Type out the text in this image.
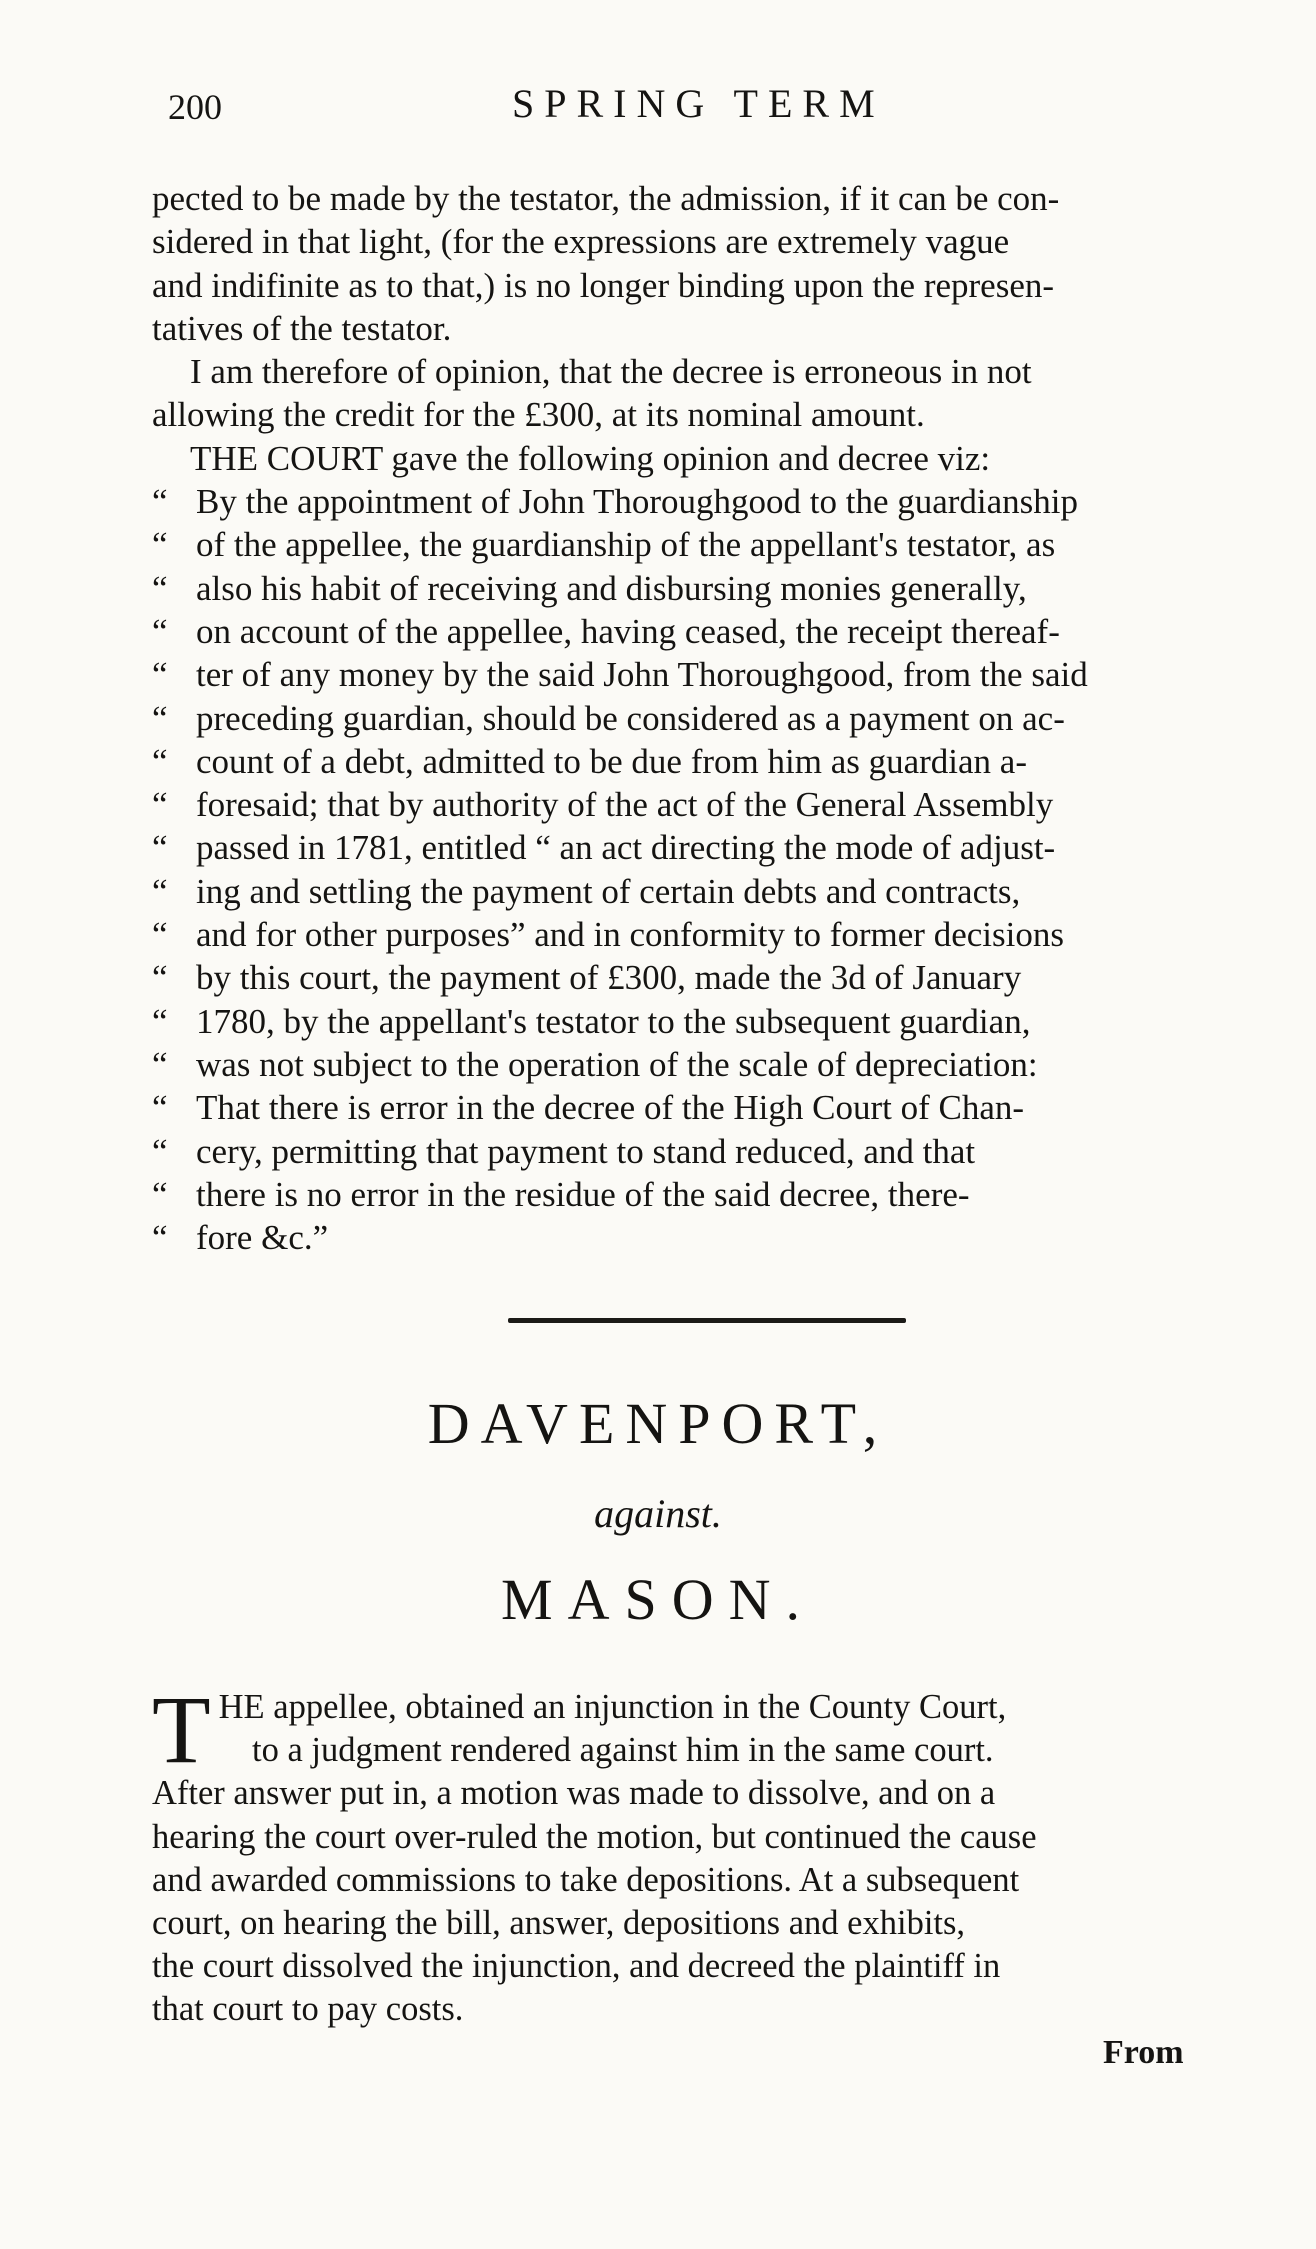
200	SPRING TERM
pected to be made by the testator, the admission, if it can be con-
sidered in that light, (for the expressions are extremely vague
and indifinite as to that,) is no longer binding upon the represen-
tatives of the testator.
I am therefore of opinion, that the decree is erroneous in not
allowing the credit for the £300, at its nominal amount.
THE COURT gave the following opinion and decree viz:
“ By the appointment of John Thoroughgood to the guardianship
“ of the appellee, the guardianship of the appellant's testator, as
“ also his habit of receiving and disbursing monies generally,
“ on account of the appellee, having ceased, the receipt thereaf-
“ ter of any money by the said John Thoroughgood, from the said
“ preceding guardian, should be considered as a payment on ac-
“ count of a debt, admitted to be due from him as guardian a-
“ foresaid; that by authority of the act of the General Assembly
“ passed in 1781, entitled “ an act directing the mode of adjust-
“ ing and settling the payment of certain debts and contracts,
“ and for other purposes” and in conformity to former decisions
“ by this court, the payment of £300, made the 3d of January
“ 1780, by the appellant's testator to the subsequent guardian,
“ was not subject to the operation of the scale of depreciation:
“ That there is error in the decree of the High Court of Chan-
“ cery, permitting that payment to stand reduced, and that
“ there is no error in the residue of the said decree, there-
“ fore &c.”
DAVENPORT,
against.
MASON.
T HE appellee, obtained an injunction in the County Court,
to a judgment rendered against him in the same court.
After answer put in, a motion was made to dissolve, and on a
hearing the court over-ruled the motion, but continued the cause
and awarded commissions to take depositions. At a subsequent
court, on hearing the bill, answer, depositions and exhibits,
the court dissolved the injunction, and decreed the plaintiff in
that court to pay costs.
From
